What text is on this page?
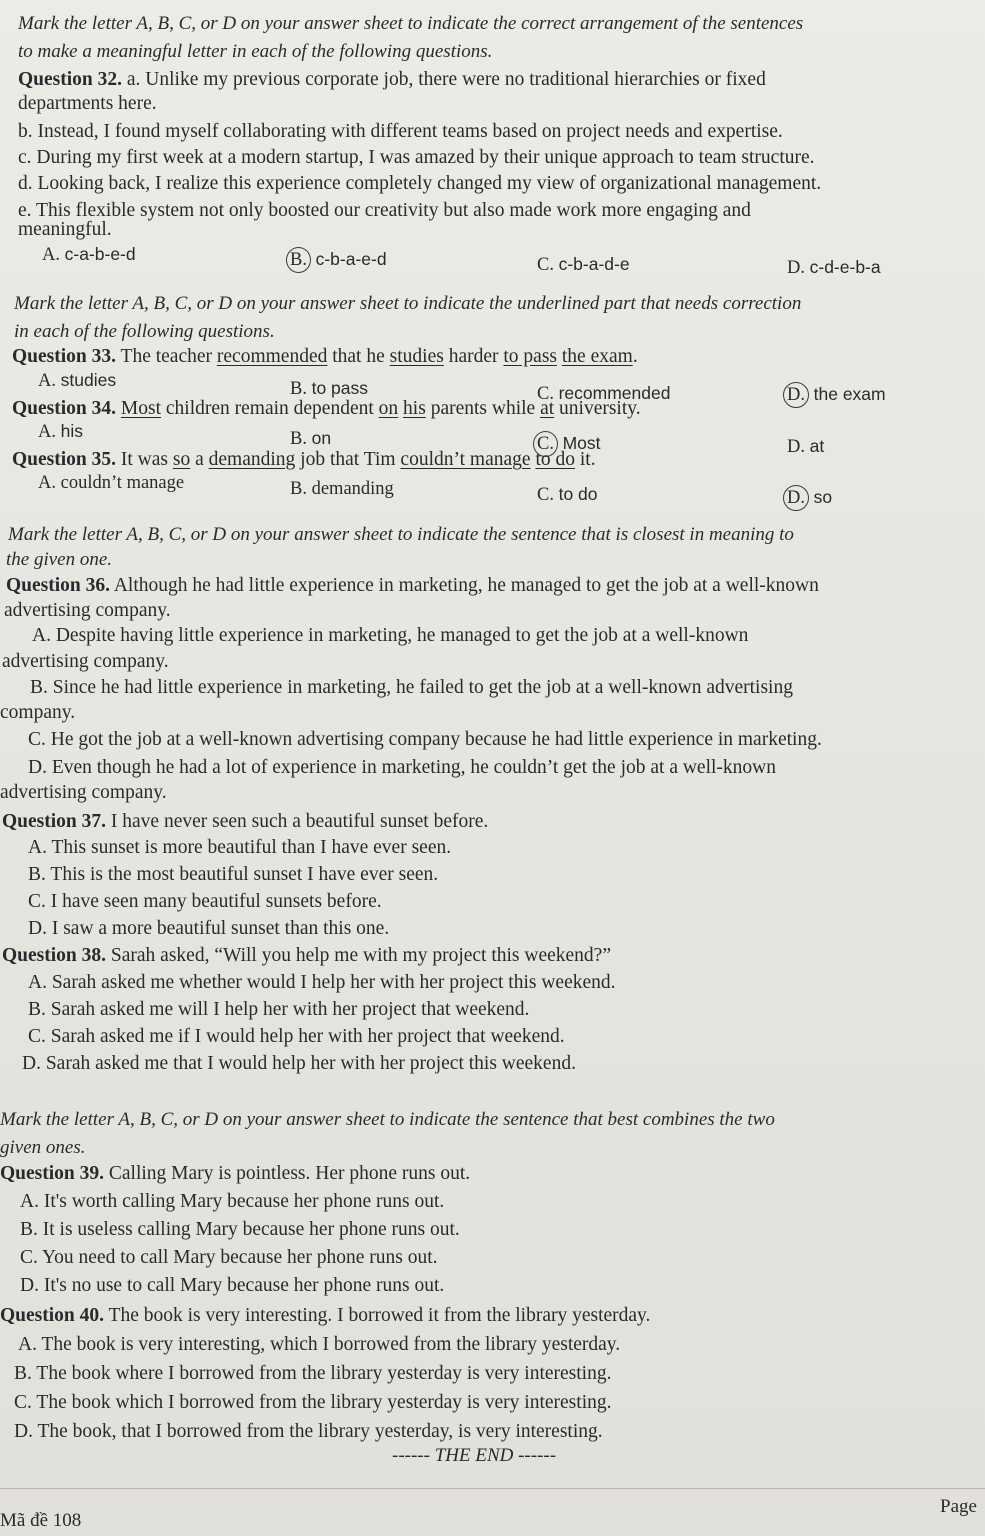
Mark the letter A, B, C, or D on your answer sheet to indicate the correct arrangement of the sentences
to make a meaningful letter in each of the following questions.
Question 32. a. Unlike my previous corporate job, there were no traditional hierarchies or fixed
departments here.
b. Instead, I found myself collaborating with different teams based on project needs and expertise.
c. During my first week at a modern startup, I was amazed by their unique approach to team structure.
d. Looking back, I realize this experience completely changed my view of organizational management.
e. This flexible system not only boosted our creativity but also made work more engaging and
meaningful.
A. c-a-b-e-d	B. c-b-a-e-d	C. c-b-a-d-e	D. c-d-e-b-a
Mark the letter A, B, C, or D on your answer sheet to indicate the underlined part that needs correction
in each of the following questions.
Question 33. The teacher recommended that he studies harder to pass the exam.
A. studies	B. to pass	C. recommended	D. the exam
Question 34. Most children remain dependent on his parents while at university.
A. his	B. on	C. Most	D. at
Question 35. It was so a demanding job that Tim couldn’t manage to do it.
A. couldn’t manage	B. demanding	C. to do	D. so
Mark the letter A, B, C, or D on your answer sheet to indicate the sentence that is closest in meaning to
the given one.
Question 36. Although he had little experience in marketing, he managed to get the job at a well-known
advertising company.
A. Despite having little experience in marketing, he managed to get the job at a well-known
advertising company.
B. Since he had little experience in marketing, he failed to get the job at a well-known advertising
company.
C. He got the job at a well-known advertising company because he had little experience in marketing.
D. Even though he had a lot of experience in marketing, he couldn’t get the job at a well-known
advertising company.
Question 37. I have never seen such a beautiful sunset before.
A. This sunset is more beautiful than I have ever seen.
B. This is the most beautiful sunset I have ever seen.
C. I have seen many beautiful sunsets before.
D. I saw a more beautiful sunset than this one.
Question 38. Sarah asked, “Will you help me with my project this weekend?”
A. Sarah asked me whether would I help her with her project this weekend.
B. Sarah asked me will I help her with her project that weekend.
C. Sarah asked me if I would help her with her project that weekend.
D. Sarah asked me that I would help her with her project this weekend.
Mark the letter A, B, C, or D on your answer sheet to indicate the sentence that best combines the two
given ones.
Question 39. Calling Mary is pointless. Her phone runs out.
A. It's worth calling Mary because her phone runs out.
B. It is useless calling Mary because her phone runs out.
C. You need to call Mary because her phone runs out.
D. It's no use to call Mary because her phone runs out.
Question 40. The book is very interesting. I borrowed it from the library yesterday.
A. The book is very interesting, which I borrowed from the library yesterday.
B. The book where I borrowed from the library yesterday is very interesting.
C. The book which I borrowed from the library yesterday is very interesting.
D. The book, that I borrowed from the library yesterday, is very interesting.
------ THE END ------
Mã đề 108
Page
